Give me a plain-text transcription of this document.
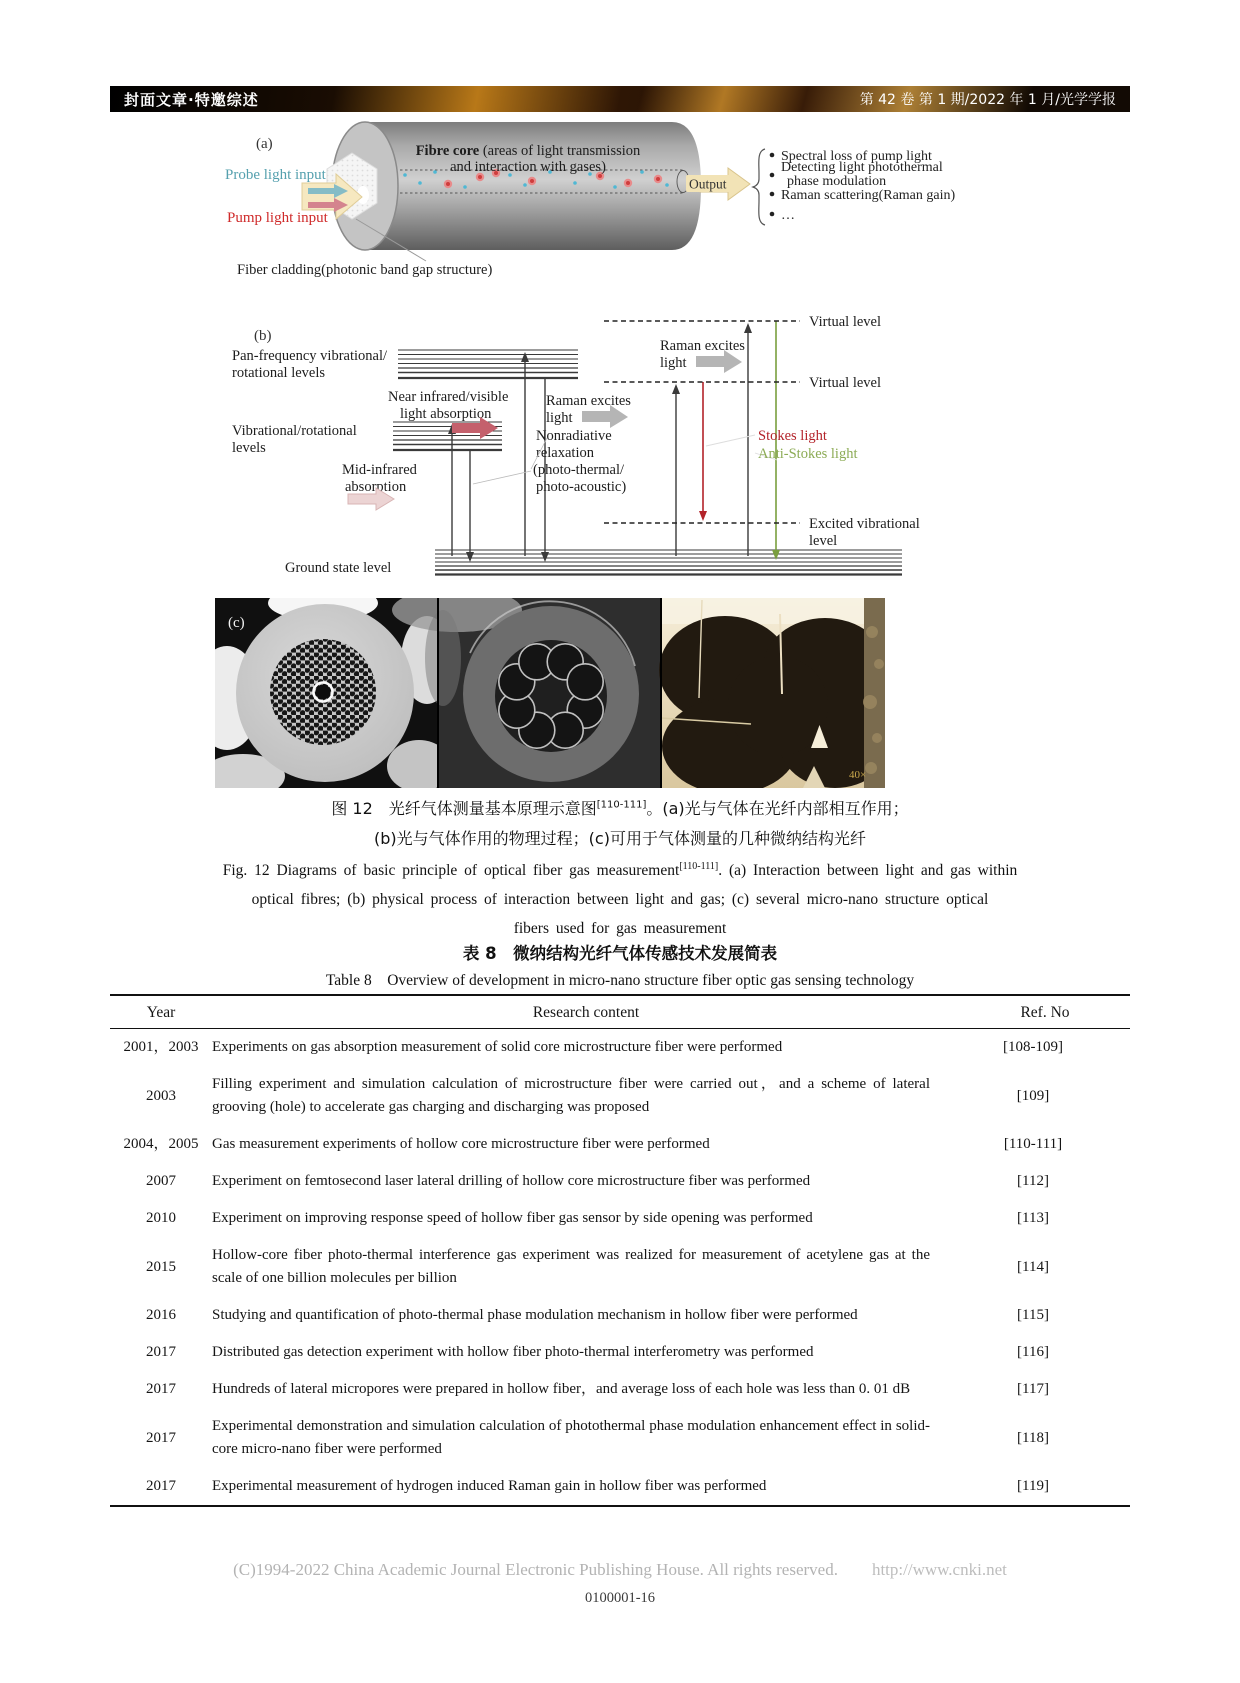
封面文章·特邀综述	第 42 卷 第 1 期/2022 年 1 月/光学学报
(a)	Fibre core (areas of light transmission
and interaction with gases)
Probe light input
Pump light input
Output
Spectral loss of pump light
Detecting light photothermal
phase modulation
Raman scattering(Raman gain)
…
Fiber cladding(photonic band gap structure)
(b)
Pan-frequency vibrational/
rotational levels
Vibrational/rotational
levels
Ground state level
Near infrared/visible
light absorption
Mid-infrared
absorption
Raman excites
light
Raman excites
light
Nonradiative
relaxation
(photo-thermal/
photo-acoustic)
Virtual level
Virtual level
Excited vibrational
level
Stokes light
Anti-Stokes light
(c)
40×
图 12　光纤气体测量基本原理示意图[110-111]。(a)光与气体在光纤内部相互作用；
(b)光与气体作用的物理过程；(c)可用于气体测量的几种微纳结构光纤
Fig. 12 Diagrams of basic principle of optical fiber gas measurement[110-111]. (a) Interaction between light and gas within
optical fibres; (b) physical process of interaction between light and gas; (c) several micro-nano structure optical
fibers used for gas measurement
表 8　微纳结构光纤气体传感技术发展简表
Table 8　Overview of development in micro-nano structure fiber optic gas sensing technology
Year	Research content	Ref. No
2001，2003	Experiments on gas absorption measurement of solid core microstructure fiber were performed	[108-109]
2003	Filling experiment and simulation calculation of microstructure fiber were carried out，and a scheme of lateral grooving (hole) to accelerate gas charging and discharging was proposed	[109]
2004，2005	Gas measurement experiments of hollow core microstructure fiber were performed	[110-111]
2007	Experiment on femtosecond laser lateral drilling of hollow core microstructure fiber was performed	[112]
2010	Experiment on improving response speed of hollow fiber gas sensor by side opening was performed	[113]
2015	Hollow-core fiber photo-thermal interference gas experiment was realized for measurement of acetylene gas at the scale of one billion molecules per billion	[114]
2016	Studying and quantification of photo-thermal phase modulation mechanism in hollow fiber were performed	[115]
2017	Distributed gas detection experiment with hollow fiber photo-thermal interferometry was performed	[116]
2017	Hundreds of lateral micropores were prepared in hollow fiber，and average loss of each hole was less than 0. 01 dB	[117]
2017	Experimental demonstration and simulation calculation of photothermal phase modulation enhancement effect in solid-core micro-nano fiber were performed	[118]
2017	Experimental measurement of hydrogen induced Raman gain in hollow fiber was performed	[119]
(C)1994-2022 China Academic Journal Electronic Publishing House. All rights reserved. http://www.cnki.net
0100001-16
